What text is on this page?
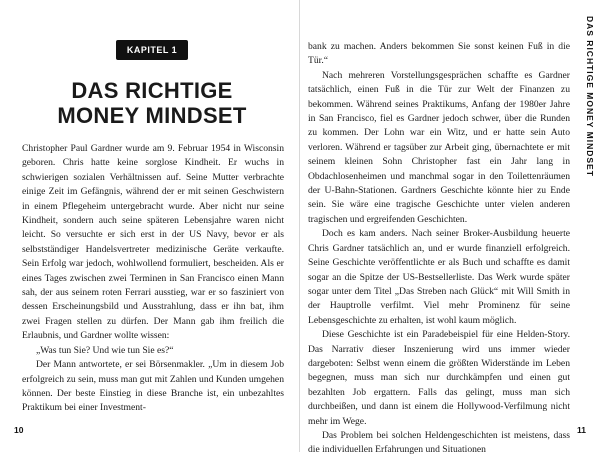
KAPITEL 1
DAS RICHTIGE
MONEY MINDSET

Christopher Paul Gardner wurde am 9. Februar 1954 in Wisconsin geboren. Chris hatte keine sorglose Kindheit. Er wuchs in schwierigen sozialen Verhältnissen auf. Seine Mutter verbrachte einige Zeit im Gefängnis, während der er mit seinen Geschwistern in einem Pflegeheim untergebracht wurde. Aber nicht nur seine Kindheit, sondern auch seine späteren Lebensjahre waren nicht leicht. So versuchte er sich erst in der US Navy, bevor er als selbstständiger Handelsvertreter medizinische Geräte verkaufte. Sein Erfolg war jedoch, wohlwollend formuliert, bescheiden. Als er eines Tages zwischen zwei Terminen in San Francisco einen Mann sah, der aus seinem roten Ferrari ausstieg, war er so fasziniert von dessen Erscheinungsbild und Ausstrahlung, dass er ihn bat, ihm zwei Fragen stellen zu dürfen. Der Mann gab ihm freilich die Erlaubnis, und Gardner wollte wissen:

„Was tun Sie? Und wie tun Sie es?“

Der Mann antwortete, er sei Börsenmakler. „Um in diesem Job erfolgreich zu sein, muss man gut mit Zahlen und Kunden umgehen können. Der beste Einstieg in diese Branche ist, ein unbezahltes Praktikum bei einer Investment-

10
DAS RICHTIGE MONEY MINDSET

bank zu machen. Anders bekommen Sie sonst keinen Fuß in die Tür.“

Nach mehreren Vorstellungsgesprächen schaffte es Gardner tatsächlich, einen Fuß in die Tür zur Welt der Finanzen zu bekommen. Während seines Praktikums, Anfang der 1980er Jahre in San Francisco, fiel es Gardner jedoch schwer, über die Runden zu kommen. Der Lohn war ein Witz, und er hatte sein Auto verloren. Während er tagsüber zur Arbeit ging, übernachtete er mit seinem kleinen Sohn Christopher fast ein Jahr lang in Obdachlosenheimen und manchmal sogar in den Toilettenräumen der U-Bahn-Stationen. Gardners Geschichte könnte hier zu Ende sein. Sie wäre eine tragische Geschichte unter vielen anderen tragischen und ergreifenden Geschichten.

Doch es kam anders. Nach seiner Broker-Ausbildung heuerte Chris Gardner tatsächlich an, und er wurde finanziell erfolgreich. Seine Geschichte veröffentlichte er als Buch und schaffte es damit sogar an die Spitze der US-Bestsellerliste. Das Werk wurde später sogar unter dem Titel „Das Streben nach Glück“ mit Will Smith in der Hauptrolle verfilmt. Viel mehr Prominenz für seine Lebensgeschichte zu erhalten, ist wohl kaum möglich.

Diese Geschichte ist ein Paradebeispiel für eine Helden-Story. Das Narrativ dieser Inszenierung wird uns immer wieder dargeboten: Selbst wenn einem die größten Widerstände im Leben begegnen, muss man sich nur durchkämpfen und einen gut bezahlten Job ergattern. Falls das gelingt, muss man sich durchbeißen, und dann ist einem die Hollywood-Verfilmung nicht mehr im Wege.

Das Problem bei solchen Heldengeschichten ist meistens, dass die individuellen Erfahrungen und Situationen

11
